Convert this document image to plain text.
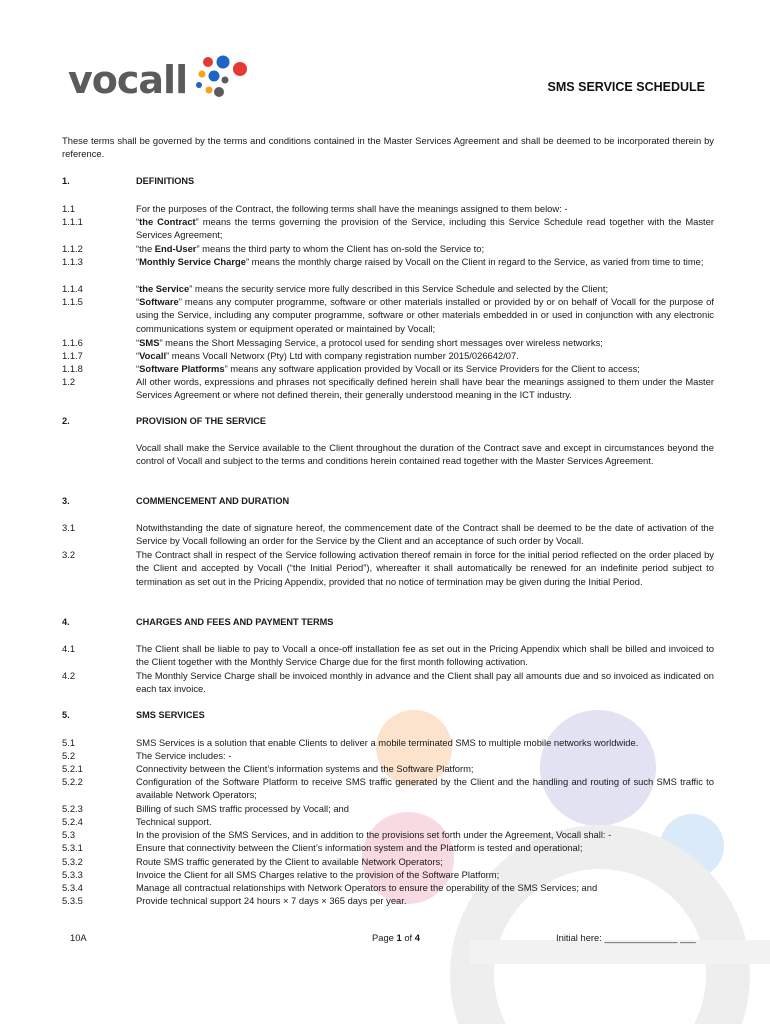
vocall	SMS SERVICE SCHEDULE
These terms shall be governed by the terms and conditions contained in the Master Services Agreement and shall be deemed to be incorporated therein by reference.
1.	DEFINITIONS
1.1	For the purposes of the Contract, the following terms shall have the meanings assigned to them below: -
1.1.1	“the Contract” means the terms governing the provision of the Service, including this Service Schedule read together with the Master Services Agreement;
1.1.2	“the End-User” means the third party to whom the Client has on-sold the Service to;
1.1.3	“Monthly Service Charge” means the monthly charge raised by Vocall on the Client in regard to the Service, as varied from time to time;
1.1.4	“the Service” means the security service more fully described in this Service Schedule and selected by the Client;
1.1.5	“Software” means any computer programme, software or other materials installed or provided by or on behalf of Vocall for the purpose of using the Service, including any computer programme, software or other materials embedded in or used in conjunction with any electronic communications system or equipment operated or maintained by Vocall;
1.1.6	“SMS” means the Short Messaging Service, a protocol used for sending short messages over wireless networks;
1.1.7	“Vocall” means Vocall Networx (Pty) Ltd with company registration number 2015/026642/07.
1.1.8	“Software Platforms” means any software application provided by Vocall or its Service Providers for the Client to access;
1.2	All other words, expressions and phrases not specifically defined herein shall have bear the meanings assigned to them under the Master Services Agreement or where not defined therein, their generally understood meaning in the ICT industry.
2.	PROVISION OF THE SERVICE
Vocall shall make the Service available to the Client throughout the duration of the Contract save and except in circumstances beyond the control of Vocall and subject to the terms and conditions herein contained read together with the Master Services Agreement.
3.	COMMENCEMENT AND DURATION
3.1	Notwithstanding the date of signature hereof, the commencement date of the Contract shall be deemed to be the date of activation of the Service by Vocall following an order for the Service by the Client and an acceptance of such order by Vocall.
3.2	The Contract shall in respect of the Service following activation thereof remain in force for the initial period reflected on the order placed by the Client and accepted by Vocall (“the Initial Period”), whereafter it shall automatically be renewed for an indefinite period subject to termination as set out in the Pricing Appendix, provided that no notice of termination may be given during the Initial Period.
4.	CHARGES AND FEES AND PAYMENT TERMS
4.1	The Client shall be liable to pay to Vocall a once-off installation fee as set out in the Pricing Appendix which shall be billed and invoiced to the Client together with the Monthly Service Charge due for the first month following activation.
4.2	The Monthly Service Charge shall be invoiced monthly in advance and the Client shall pay all amounts due and so invoiced as indicated on each tax invoice.
5.	SMS SERVICES
5.1	SMS Services is a solution that enable Clients to deliver a mobile terminated SMS to multiple mobile networks worldwide.
5.2	The Service includes: -
5.2.1	Connectivity between the Client’s information systems and the Software Platform;
5.2.2	Configuration of the Software Platform to receive SMS traffic generated by the Client and the handling and routing of such SMS traffic to available Network Operators;
5.2.3	Billing of such SMS traffic processed by Vocall; and
5.2.4	Technical support.
5.3	In the provision of the SMS Services, and in addition to the provisions set forth under the Agreement, Vocall shall: -
5.3.1	Ensure that connectivity between the Client’s information system and the Platform is tested and operational;
5.3.2	Route SMS traffic generated by the Client to available Network Operators;
5.3.3	Invoice the Client for all SMS Charges relative to the provision of the Software Platform;
5.3.4	Manage all contractual relationships with Network Operators to ensure the operability of the SMS Services; and
5.3.5	Provide technical support 24 hours × 7 days × 365 days per year.
10A	Page 1 of 4	Initial here: ______________ ___
